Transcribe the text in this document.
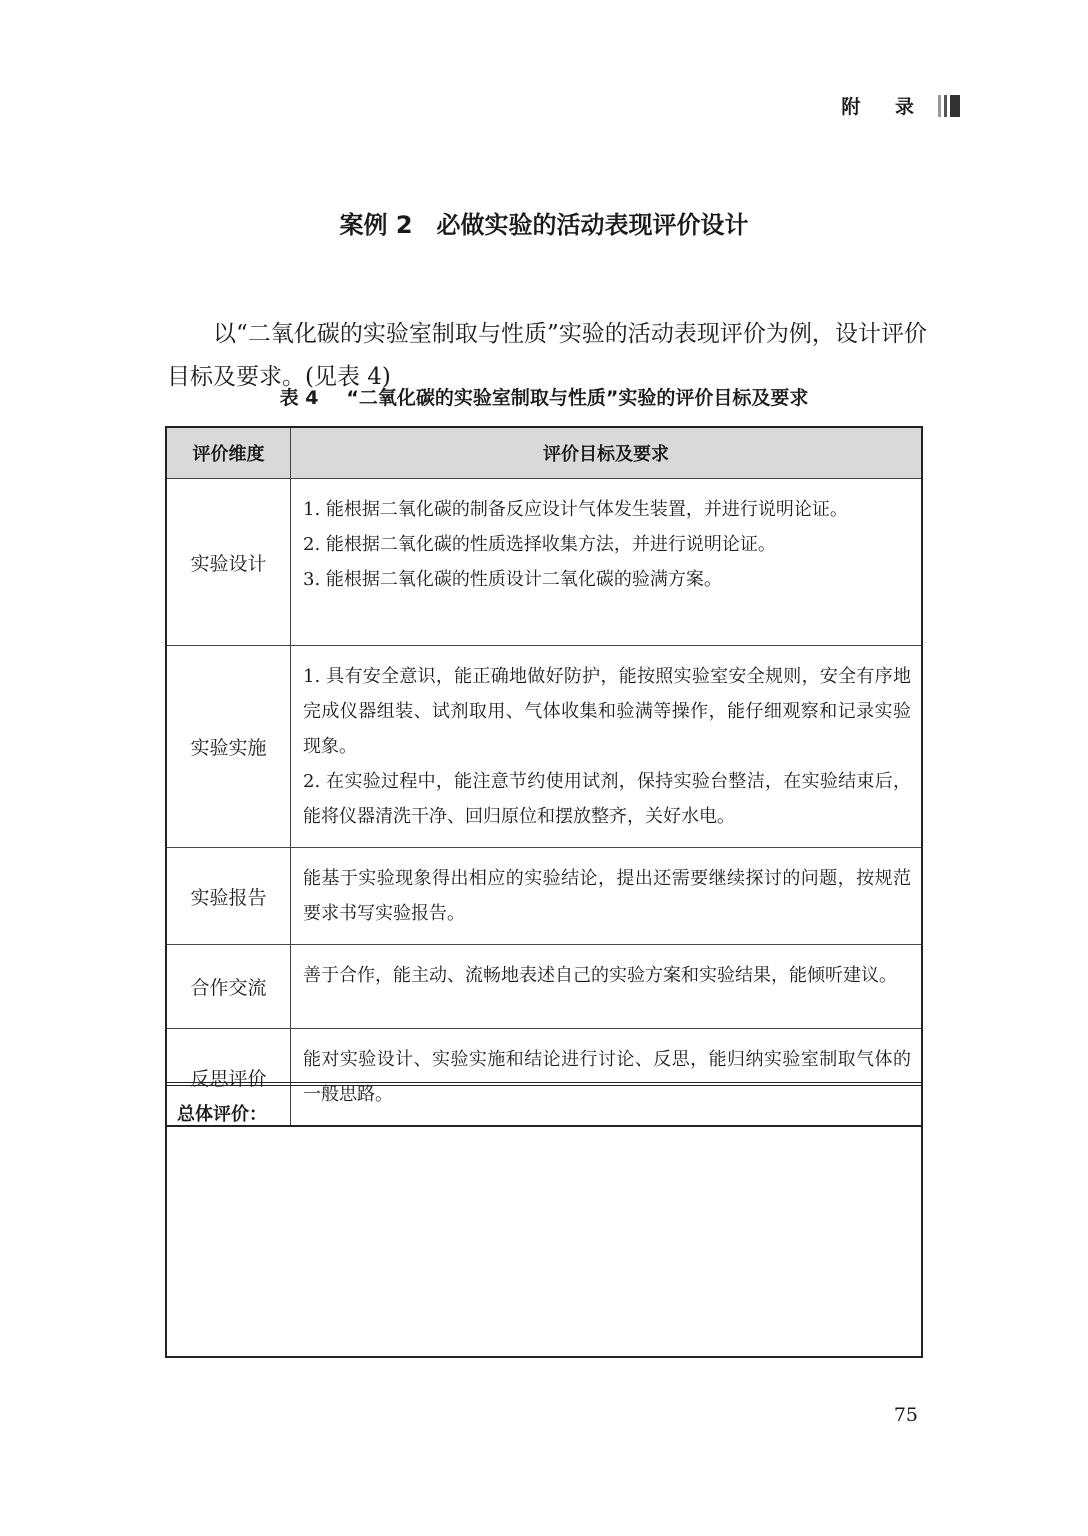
附 录
案例 2　必做实验的活动表现评价设计

以“二氧化碳的实验室制取与性质”实验的活动表现评价为例，设计评价目标及要求。(见表 4)

表 4 “二氧化碳的实验室制取与性质”实验的评价目标及要求
评价维度	评价目标及要求
实验设计	1. 能根据二氧化碳的制备反应设计气体发生装置，并进行说明论证。
2. 能根据二氧化碳的性质选择收集方法，并进行说明论证。
3. 能根据二氧化碳的性质设计二氧化碳的验满方案。

实验实施	1. 具有安全意识，能正确地做好防护，能按照实验室安全规则，安全有序地完成仪器组装、试剂取用、气体收集和验满等操作，能仔细观察和记录实验现象。
2. 在实验过程中，能注意节约使用试剂，保持实验台整洁，在实验结束后，能将仪器清洗干净、回归原位和摆放整齐，关好水电。

实验报告	能基于实验现象得出相应的实验结论，提出还需要继续探讨的问题，按规范要求书写实验报告。

合作交流	善于合作，能主动、流畅地表述自己的实验方案和实验结果，能倾听建议。

反思评价	能对实验设计、实验实施和结论进行讨论、反思，能归纳实验室制取气体的一般思路。
总体评价：
75
